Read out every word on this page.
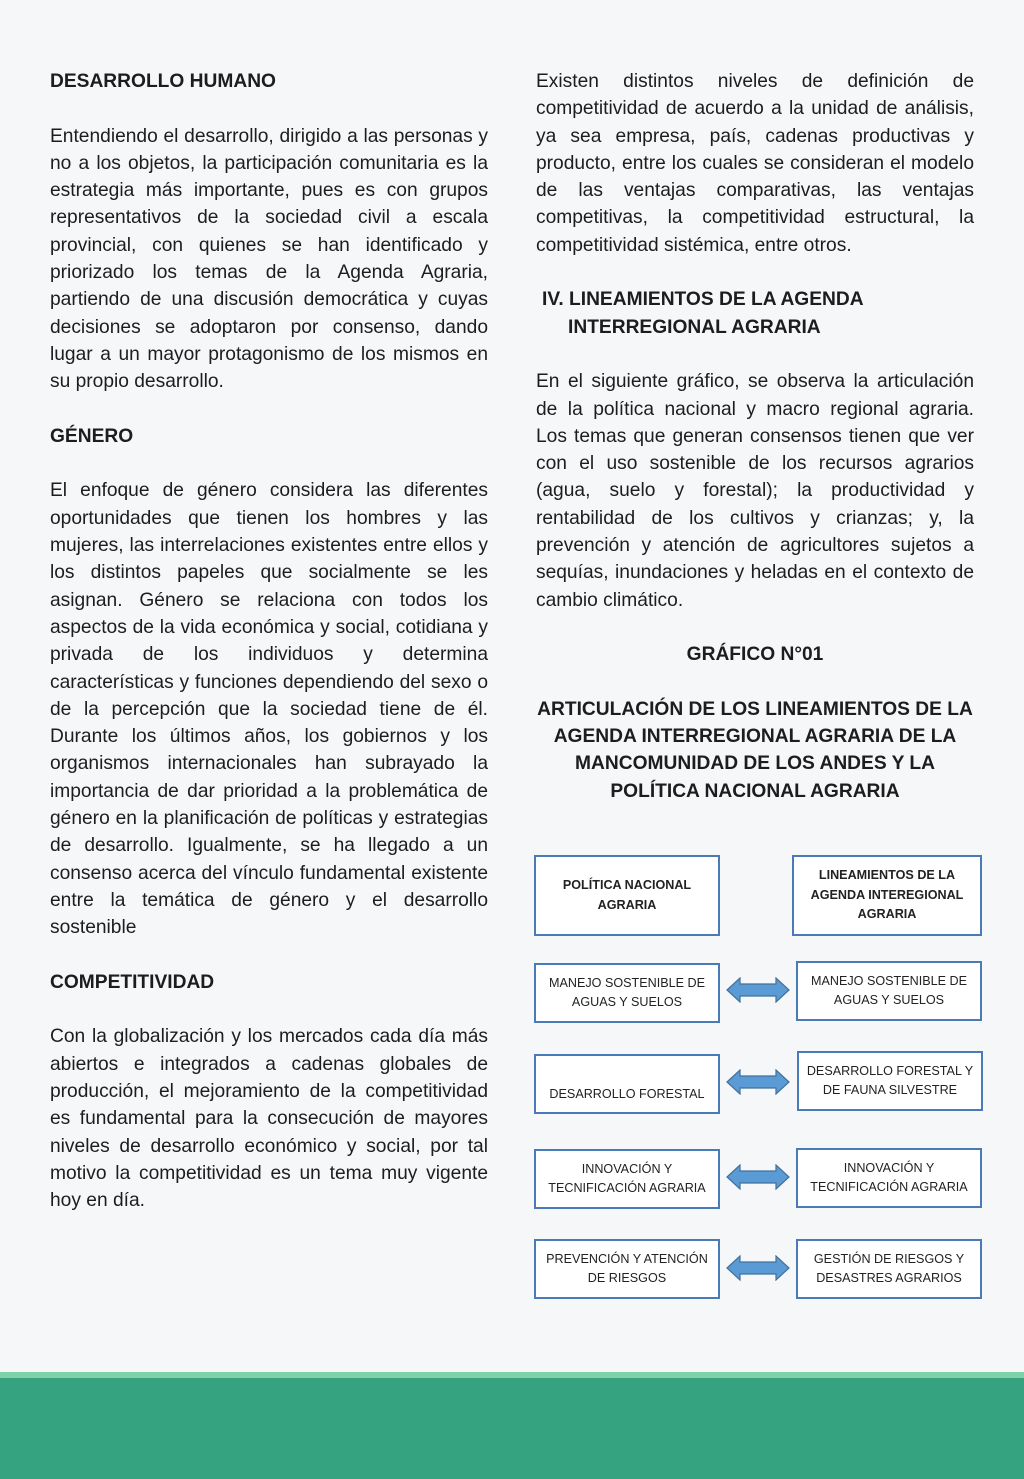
DESARROLLO HUMANO

Entendiendo el desarrollo, dirigido a las personas y no a los objetos, la participación comunitaria es la estrategia más importante, pues es con grupos representativos de la sociedad civil a escala provincial, con quienes se han identificado y priorizado los temas de la Agenda Agraria, partiendo de una discusión democrática y cuyas decisiones se adoptaron por consenso, dando lugar a un mayor protagonismo de los mismos en su propio desarrollo.

GÉNERO

El enfoque de género considera las diferentes oportunidades que tienen los hombres y las mujeres, las interrelaciones existentes entre ellos y los distintos papeles que socialmente se les asignan. Género se relaciona con todos los aspectos de la vida económica y social, cotidiana y privada de los individuos y determina características y funciones dependiendo del sexo o de la percepción que la sociedad tiene de él. Durante los últimos años, los gobiernos y los organismos internacionales han subrayado la importancia de dar prioridad a la problemática de género en la planificación de políticas y estrategias de desarrollo. Igualmente, se ha llegado a un consenso acerca del vínculo fundamental existente entre la temática de género y el desarrollo sostenible

COMPETITIVIDAD

Con la globalización y los mercados cada día más abiertos e integrados a cadenas globales de producción, el mejoramiento de la competitividad es fundamental para la consecución de mayores niveles de desarrollo económico y social, por tal motivo la competitividad es un tema muy vigente hoy en día.

Existen distintos niveles de definición de competitividad de acuerdo a la unidad de análisis, ya sea empresa, país, cadenas productivas y producto, entre los cuales se consideran el modelo de las ventajas comparativas, las ventajas competitivas, la competitividad estructural, la competitividad sistémica, entre otros.

IV. LINEAMIENTOS DE LA AGENDA INTERREGIONAL AGRARIA

En el siguiente gráfico, se observa la articulación de la política nacional y macro regional agraria. Los temas que generan consensos tienen que ver con el uso sostenible de los recursos agrarios (agua, suelo y forestal); la productividad y rentabilidad de los cultivos y crianzas; y, la prevención y atención de agricultores sujetos a sequías, inundaciones y heladas en el contexto de cambio climático.

GRÁFICO N°01
ARTICULACIÓN DE LOS LINEAMIENTOS DE LA AGENDA INTERREGIONAL AGRARIA DE LA MANCOMUNIDAD DE LOS ANDES Y LA POLÍTICA NACIONAL AGRARIA
POLÍTICA NACIONAL AGRARIA
LINEAMIENTOS DE LA AGENDA INTEREGIONAL AGRARIA
MANEJO SOSTENIBLE DE AGUAS Y SUELOS
MANEJO SOSTENIBLE DE AGUAS Y SUELOS
DESARROLLO FORESTAL
DESARROLLO FORESTAL Y DE FAUNA SILVESTRE
INNOVACIÓN Y TECNIFICACIÓN AGRARIA
INNOVACIÓN Y TECNIFICACIÓN AGRARIA
PREVENCIÓN Y ATENCIÓN DE RIESGOS
GESTIÓN DE RIESGOS Y DESASTRES AGRARIOS
